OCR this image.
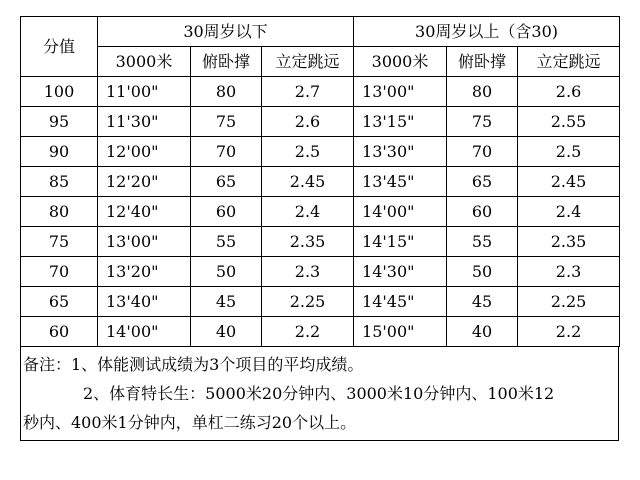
分值	30周岁以下			30周岁以上（含30)		
	3000米	俯卧撑	立定跳远	3000米	俯卧撑	立定跳远
100	11'00"	80	2.7	13'00"	80	2.6
95	11'30"	75	2.6	13'15"	75	2.55
90	12'00"	70	2.5	13'30"	70	2.5
85	12'20"	65	2.45	13'45"	65	2.45
80	12'40"	60	2.4	14'00"	60	2.4
75	13'00"	55	2.35	14'15"	55	2.35
70	13'20"	50	2.3	14'30"	50	2.3
65	13'40"	45	2.25	14'45"	45	2.25
60	14'00"	40	2.2	15'00"	40	2.2

备注：1、体能测试成绩为3个项目的平均成绩。

2、体育特长生：5000米20分钟内、3000米10分钟内、100米12

秒内、400米1分钟内，单杠二练习20个以上。
